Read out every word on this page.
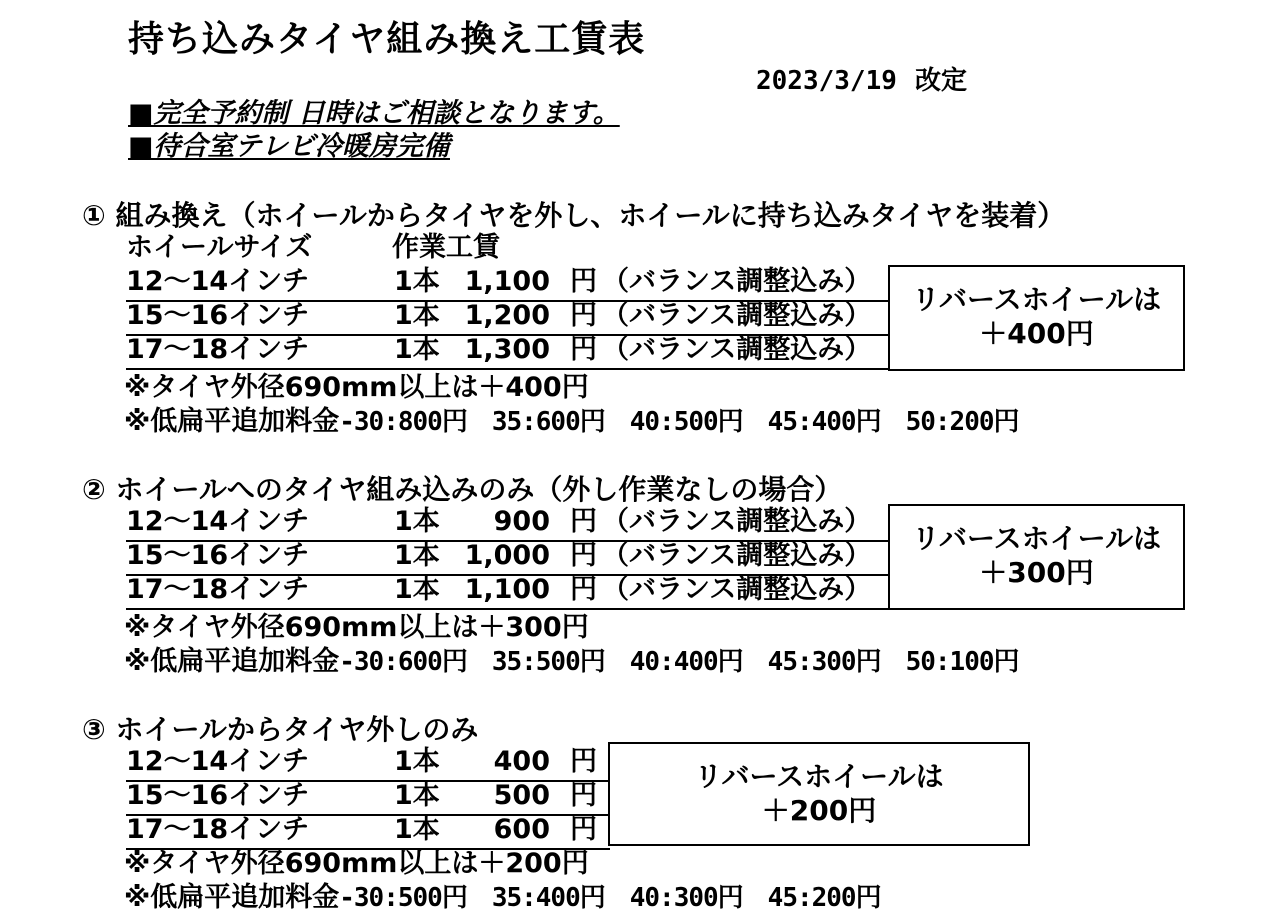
持ち込みタイヤ組み換え工賃表
2023/3/19 改定
■完全予約制 日時はご相談となります。
■待合室テレビ冷暖房完備
① 組み換え（ホイールからタイヤを外し、ホイールに持ち込みタイヤを装着）
ホイールサイズ	作業工賃
12〜14インチ	1本 1,100 円 （バランス調整込み）
15〜16インチ	1本 1,200 円 （バランス調整込み）
17〜18インチ	1本 1,300 円 （バランス調整込み）
リバースホイールは
＋400円
※タイヤ外径690mm以上は＋400円
※低扁平追加料金-30:800円　35:600円　40:500円　45:400円　50:200円
② ホイールへのタイヤ組み込みのみ（外し作業なしの場合）
12〜14インチ	1本	900 円 （バランス調整込み）
15〜16インチ	1本 1,000 円 （バランス調整込み）
17〜18インチ	1本 1,100 円 （バランス調整込み）
リバースホイールは
＋300円
※タイヤ外径690mm以上は＋300円
※低扁平追加料金-30:600円　35:500円　40:400円　45:300円　50:100円
③ ホイールからタイヤ外しのみ
12〜14インチ	1本	400 円
15〜16インチ	1本	500 円
17〜18インチ	1本	600 円
リバースホイールは
＋200円
※タイヤ外径690mm以上は＋200円
※低扁平追加料金-30:500円　35:400円　40:300円　45:200円
